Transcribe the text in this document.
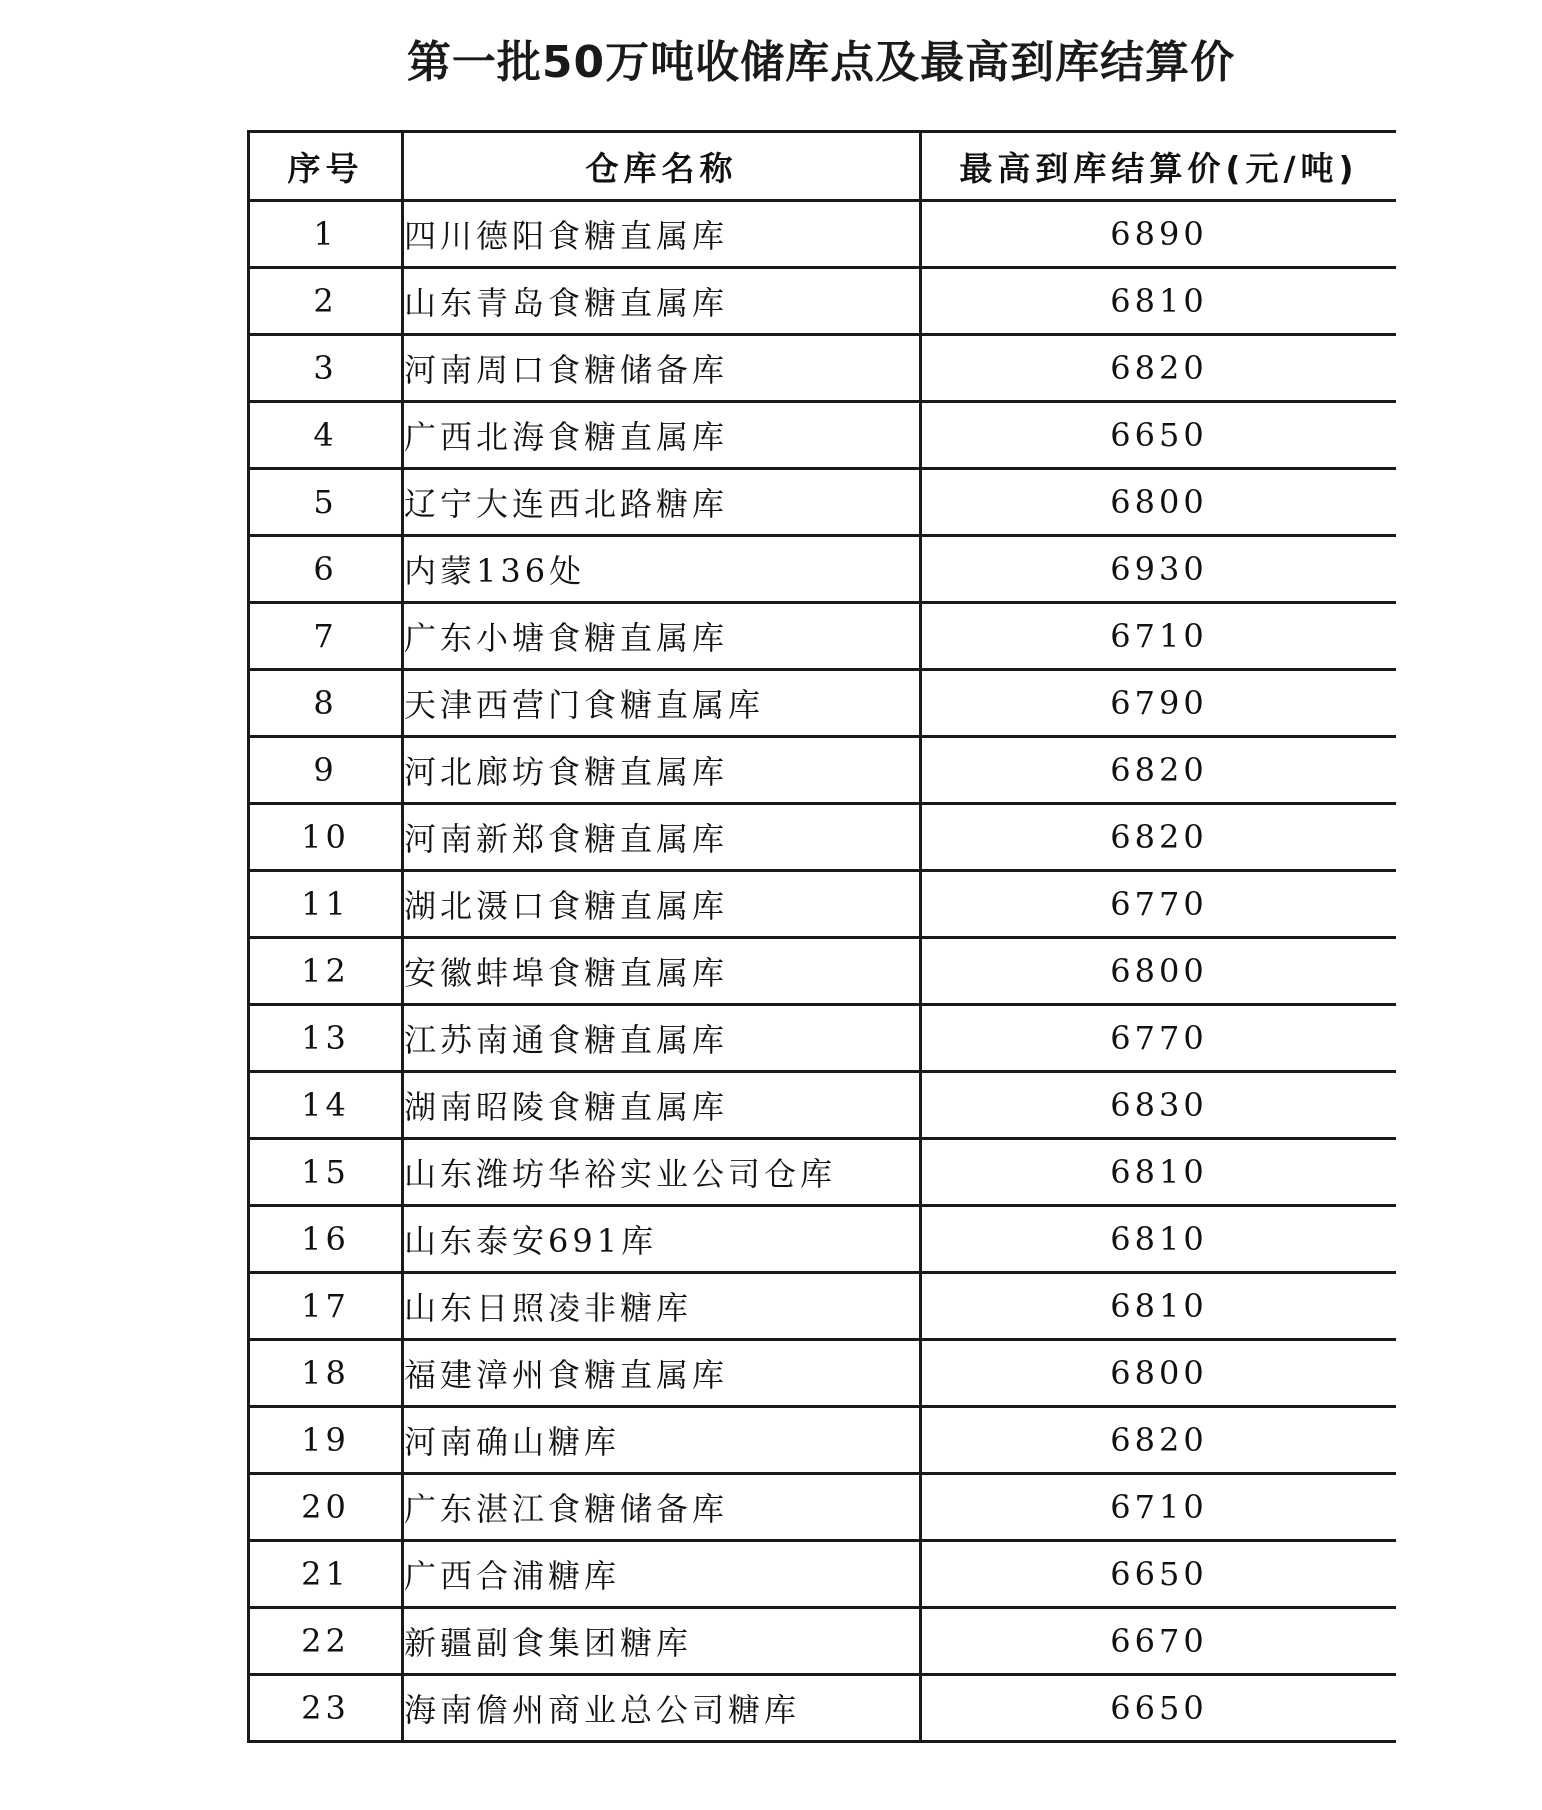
第一批50万吨收储库点及最高到库结算价
序号	仓库名称	最高到库结算价(元/吨)
1	四川德阳食糖直属库	6890
2	山东青岛食糖直属库	6810
3	河南周口食糖储备库	6820
4	广西北海食糖直属库	6650
5	辽宁大连西北路糖库	6800
6	内蒙136处	6930
7	广东小塘食糖直属库	6710
8	天津西营门食糖直属库	6790
9	河北廊坊食糖直属库	6820
10	河南新郑食糖直属库	6820
11	湖北滠口食糖直属库	6770
12	安徽蚌埠食糖直属库	6800
13	江苏南通食糖直属库	6770
14	湖南昭陵食糖直属库	6830
15	山东潍坊华裕实业公司仓库	6810
16	山东泰安691库	6810
17	山东日照凌非糖库	6810
18	福建漳州食糖直属库	6800
19	河南确山糖库	6820
20	广东湛江食糖储备库	6710
21	广西合浦糖库	6650
22	新疆副食集团糖库	6670
23	海南儋州商业总公司糖库	6650
